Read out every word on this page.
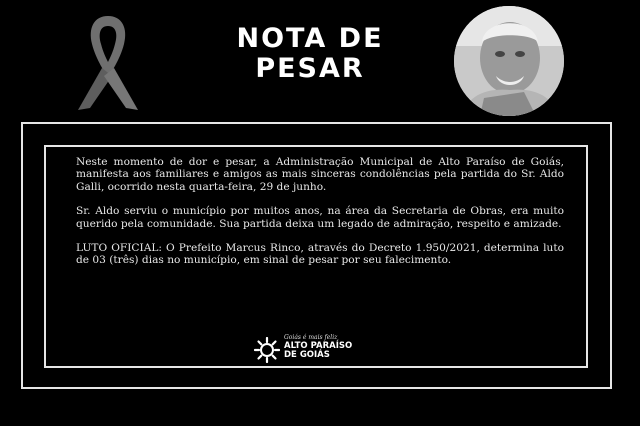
NOTA DE
PESAR

Neste momento de dor e pesar, a Administração Municipal de Alto Paraíso de Goiás, manifesta aos familiares e amigos as mais sinceras condolências pela partida do Sr. Aldo Galli, ocorrido nesta quarta-feira, 29 de junho.

Sr. Aldo serviu o município por muitos anos, na área da Secretaria de Obras, era muito querido pela comunidade. Sua partida deixa um legado de admiração, respeito e amizade.

LUTO OFICIAL: O Prefeito Marcus Rinco, através do Decreto 1.950/2021, determina luto de 03 (três) dias no município, em sinal de pesar por seu falecimento.

Goiás é mais feliz
ALTO PARAÍSO
DE GOIÁS
